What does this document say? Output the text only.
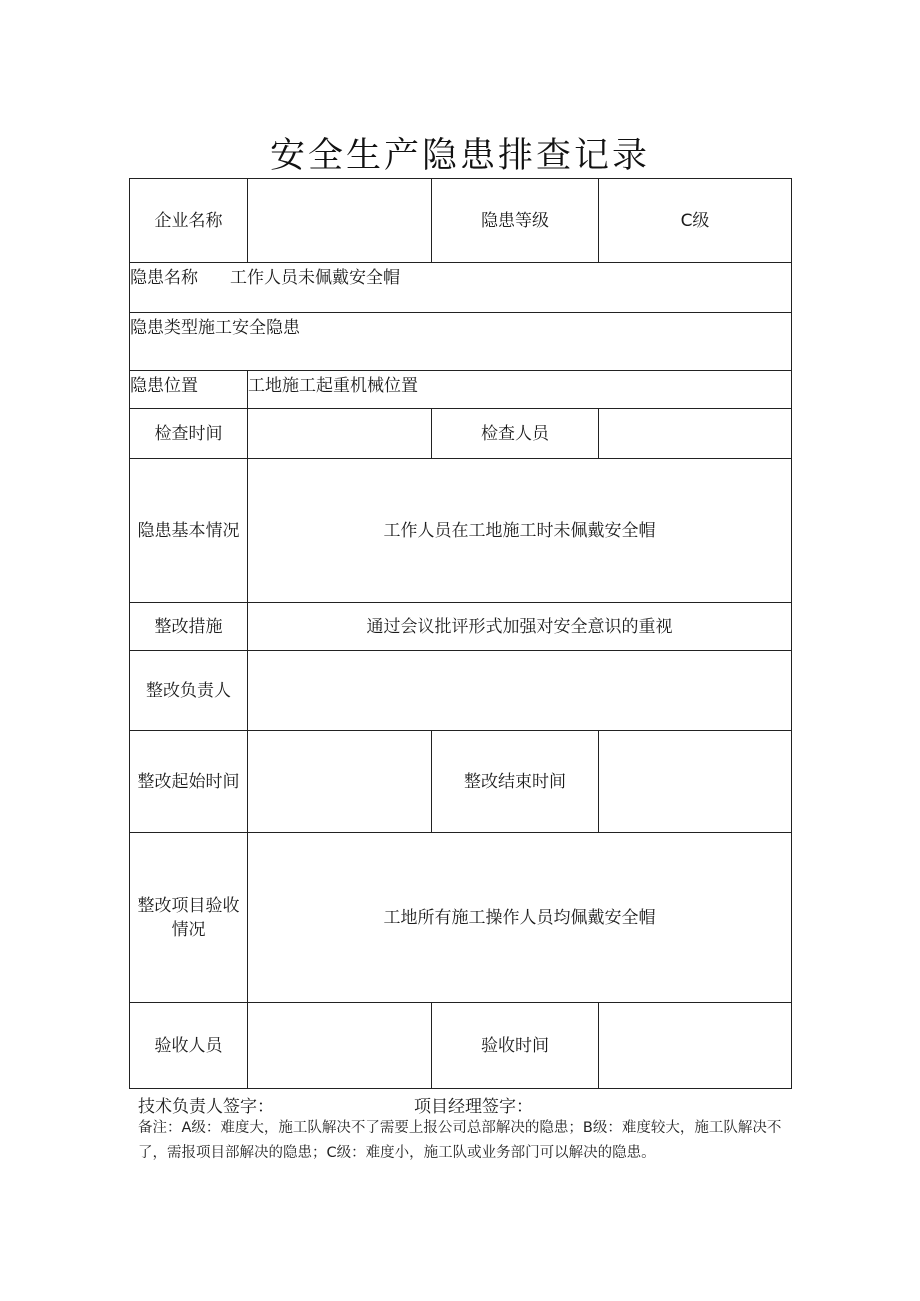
安全生产隐患排查记录
企业名称		隐患等级	C级
隐患名称 工作人员未佩戴安全帽			
隐患类型施工安全隐患			
隐患位置	工地施工起重机械位置		
检查时间		检查人员	
隐患基本情况	工作人员在工地施工时未佩戴安全帽		
整改措施	通过会议批评形式加强对安全意识的重视		
整改负责人			
整改起始时间		整改结束时间	
整改项目验收情况	工地所有施工操作人员均佩戴安全帽		
验收人员		验收时间	
技术负责人签字：	项目经理签字：
备注：A级：难度大，施工队解决不了需要上报公司总部解决的隐患；B级：难度较大，施工队解决不了，需报项目部解决的隐患；C级：难度小，施工队或业务部门可以解决的隐患。
